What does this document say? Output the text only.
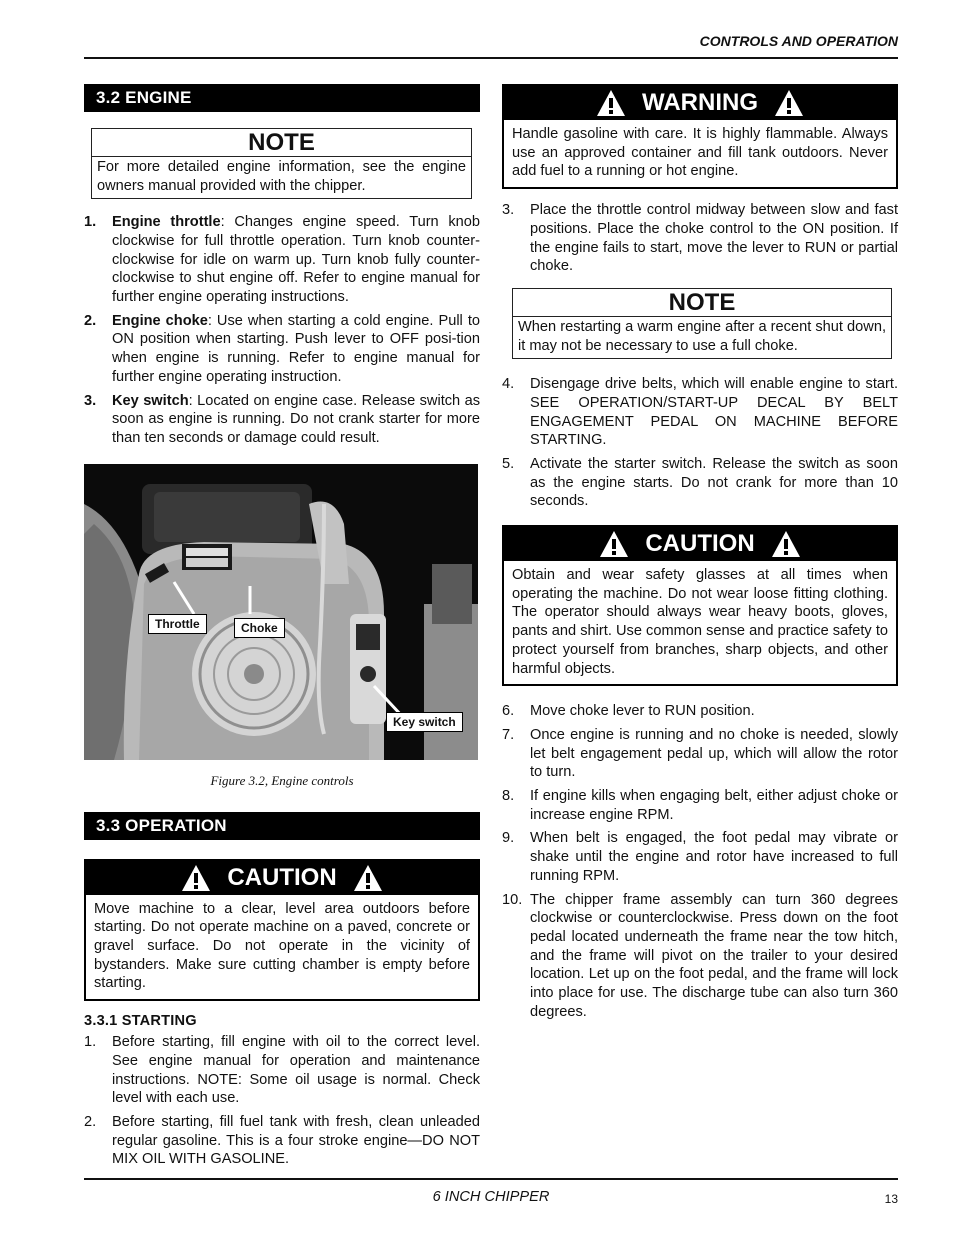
CONTROLS AND OPERATION
3.2 ENGINE
NOTE
For more detailed engine information, see the engine owners manual provided with the chipper.
1. Engine throttle: Changes engine speed. Turn knob clockwise for full throttle operation. Turn knob counter-clockwise for idle on warm up. Turn knob fully counter-clockwise to shut engine off. Refer to engine manual for further engine operating instructions.
2. Engine choke: Use when starting a cold engine. Pull to ON position when starting. Push lever to OFF posi-tion when engine is running. Refer to engine manual for further engine operating instruction.
3. Key switch: Located on engine case. Release switch as soon as engine is running. Do not crank starter for more than ten seconds or damage could result.
Throttle	Choke
Key switch
Figure 3.2, Engine controls
3.3 OPERATION
CAUTION
Move machine to a clear, level area outdoors before starting. Do not operate machine on a paved, concrete or gravel surface. Do not operate in the vicinity of bystanders. Make sure cutting chamber is empty before starting.
3.3.1 STARTING
1. Before starting, fill engine with oil to the correct level. See engine manual for operation and maintenance instructions. NOTE: Some oil usage is normal. Check level with each use.
2. Before starting, fill fuel tank with fresh, clean unleaded regular gasoline. This is a four stroke engine—DO NOT MIX OIL WITH GASOLINE.
WARNING
Handle gasoline with care. It is highly flammable. Always use an approved container and fill tank outdoors. Never add fuel to a running or hot engine.
3. Place the throttle control midway between slow and fast positions. Place the choke control to the ON position. If the engine fails to start, move the lever to RUN or partial choke.
NOTE
When restarting a warm engine after a recent shut down, it may not be necessary to use a full choke.
4. Disengage drive belts, which will enable engine to start. SEE OPERATION/START-UP DECAL BY BELT ENGAGEMENT PEDAL ON MACHINE BEFORE STARTING.
5. Activate the starter switch. Release the switch as soon as the engine starts. Do not crank for more than 10 seconds.
CAUTION
Obtain and wear safety glasses at all times when operating the machine. Do not wear loose fitting clothing. The operator should always wear heavy boots, gloves, pants and shirt. Use common sense and practice safety to protect yourself from branches, sharp objects, and other harmful objects.
6. Move choke lever to RUN position.
7. Once engine is running and no choke is needed, slowly let belt engagement pedal up, which will allow the rotor to turn.
8. If engine kills when engaging belt, either adjust choke or increase engine RPM.
9. When belt is engaged, the foot pedal may vibrate or shake until the engine and rotor have increased to full running RPM.
10. The chipper frame assembly can turn 360 degrees clockwise or counterclockwise. Press down on the foot pedal located underneath the frame near the tow hitch, and the frame will pivot on the trailer to your desired location. Let up on the foot pedal, and the frame will lock into place for use. The discharge tube can also turn 360 degrees.
6 INCH CHIPPER	13
